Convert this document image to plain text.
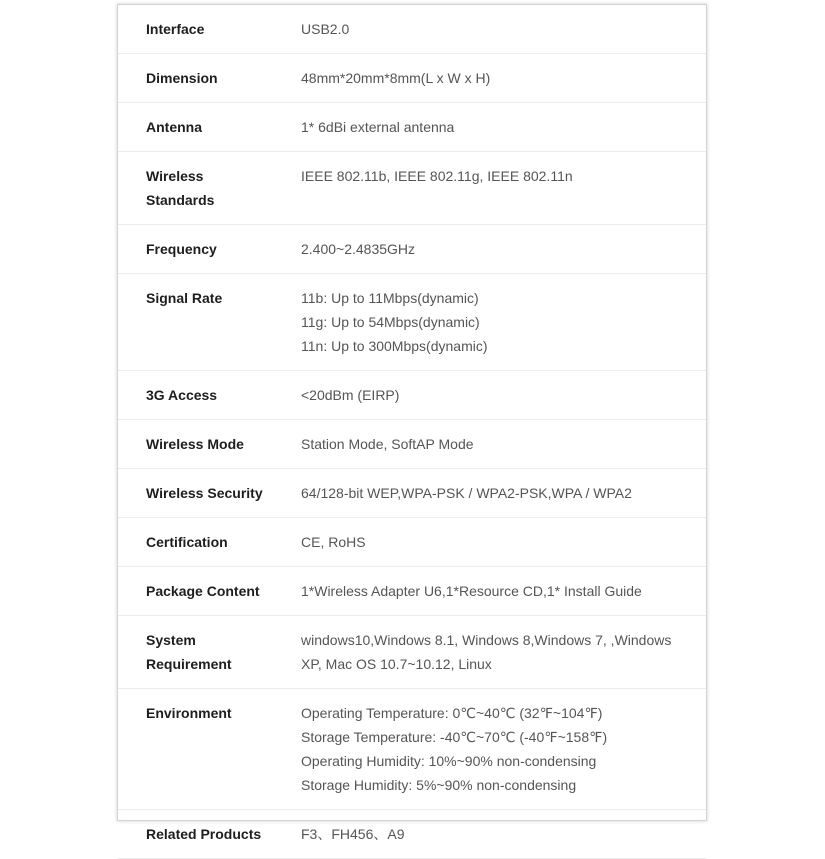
Interface	USB2.0

Dimension	48mm*20mm*8mm(L x W x H)

Antenna	1* 6dBi external antenna

Wireless
Standards	IEEE 802.11b, IEEE 802.11g, IEEE 802.11n

Frequency	2.400~2.4835GHz

Signal Rate	11b: Up to 11Mbps(dynamic)
11g: Up to 54Mbps(dynamic)
11n: Up to 300Mbps(dynamic)

3G Access	<20dBm (EIRP)

Wireless Mode	Station Mode, SoftAP Mode

Wireless Security	64/128-bit WEP,WPA-PSK / WPA2-PSK,WPA / WPA2

Certification	CE, RoHS

Package Content	1*Wireless Adapter U6,1*Resource CD,1* Install Guide

System
Requirement	windows10,Windows 8.1, Windows 8,Windows 7, ,Windows
XP, Mac OS 10.7~10.12, Linux

Environment	Operating Temperature: 0℃~40℃ (32℉~104℉)
Storage Temperature: -40℃~70℃ (-40℉~158℉)
Operating Humidity: 10%~90% non-condensing
Storage Humidity: 5%~90% non-condensing

Related Products	F3、FH456、A9
